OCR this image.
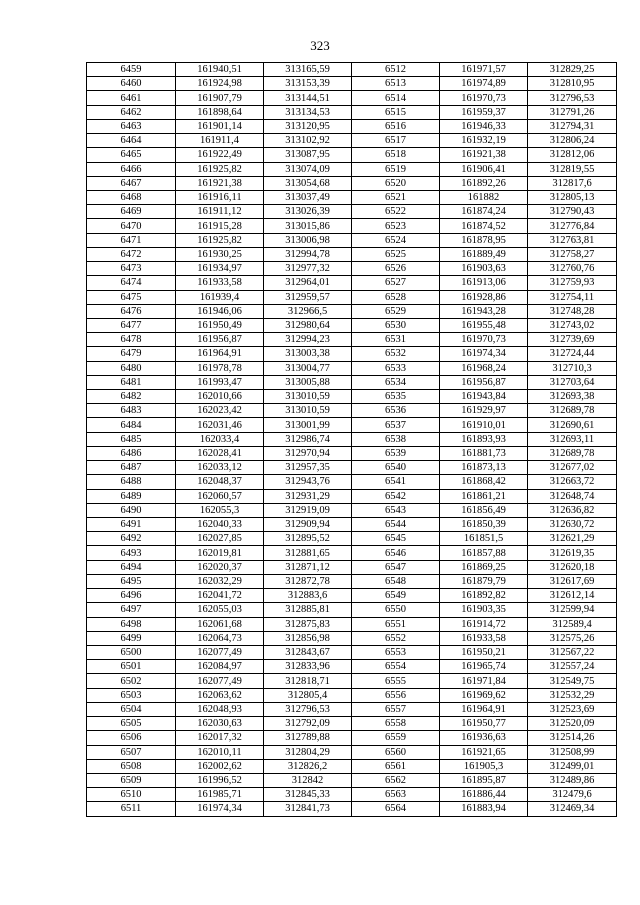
323
6459	161940,51	313165,59	6512	161971,57	312829,25
6460	161924,98	313153,39	6513	161974,89	312810,95
6461	161907,79	313144,51	6514	161970,73	312796,53
6462	161898,64	313134,53	6515	161959,37	312791,26
6463	161901,14	313120,95	6516	161946,33	312794,31
6464	161911,4	313102,92	6517	161932,19	312806,24
6465	161922,49	313087,95	6518	161921,38	312812,06
6466	161925,82	313074,09	6519	161906,41	312819,55
6467	161921,38	313054,68	6520	161892,26	312817,6
6468	161916,11	313037,49	6521	161882	312805,13
6469	161911,12	313026,39	6522	161874,24	312790,43
6470	161915,28	313015,86	6523	161874,52	312776,84
6471	161925,82	313006,98	6524	161878,95	312763,81
6472	161930,25	312994,78	6525	161889,49	312758,27
6473	161934,97	312977,32	6526	161903,63	312760,76
6474	161933,58	312964,01	6527	161913,06	312759,93
6475	161939,4	312959,57	6528	161928,86	312754,11
6476	161946,06	312966,5	6529	161943,28	312748,28
6477	161950,49	312980,64	6530	161955,48	312743,02
6478	161956,87	312994,23	6531	161970,73	312739,69
6479	161964,91	313003,38	6532	161974,34	312724,44
6480	161978,78	313004,77	6533	161968,24	312710,3
6481	161993,47	313005,88	6534	161956,87	312703,64
6482	162010,66	313010,59	6535	161943,84	312693,38
6483	162023,42	313010,59	6536	161929,97	312689,78
6484	162031,46	313001,99	6537	161910,01	312690,61
6485	162033,4	312986,74	6538	161893,93	312693,11
6486	162028,41	312970,94	6539	161881,73	312689,78
6487	162033,12	312957,35	6540	161873,13	312677,02
6488	162048,37	312943,76	6541	161868,42	312663,72
6489	162060,57	312931,29	6542	161861,21	312648,74
6490	162055,3	312919,09	6543	161856,49	312636,82
6491	162040,33	312909,94	6544	161850,39	312630,72
6492	162027,85	312895,52	6545	161851,5	312621,29
6493	162019,81	312881,65	6546	161857,88	312619,35
6494	162020,37	312871,12	6547	161869,25	312620,18
6495	162032,29	312872,78	6548	161879,79	312617,69
6496	162041,72	312883,6	6549	161892,82	312612,14
6497	162055,03	312885,81	6550	161903,35	312599,94
6498	162061,68	312875,83	6551	161914,72	312589,4
6499	162064,73	312856,98	6552	161933,58	312575,26
6500	162077,49	312843,67	6553	161950,21	312567,22
6501	162084,97	312833,96	6554	161965,74	312557,24
6502	162077,49	312818,71	6555	161971,84	312549,75
6503	162063,62	312805,4	6556	161969,62	312532,29
6504	162048,93	312796,53	6557	161964,91	312523,69
6505	162030,63	312792,09	6558	161950,77	312520,09
6506	162017,32	312789,88	6559	161936,63	312514,26
6507	162010,11	312804,29	6560	161921,65	312508,99
6508	162002,62	312826,2	6561	161905,3	312499,01
6509	161996,52	312842	6562	161895,87	312489,86
6510	161985,71	312845,33	6563	161886,44	312479,6
6511	161974,34	312841,73	6564	161883,94	312469,34
